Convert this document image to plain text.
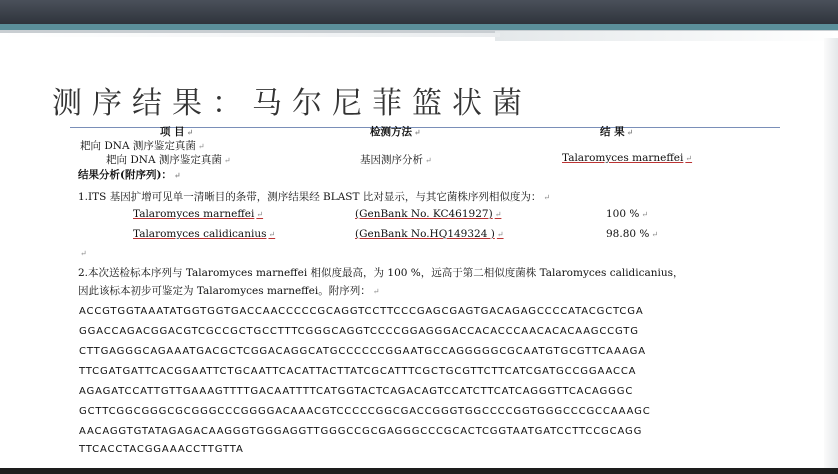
测序结果：马尔尼菲篮状菌
项 目 ↵	检测方法 ↵	结 果 ↵
耙向 DNA 测序鉴定真菌 ↵
耙向 DNA 测序鉴定真菌 ↵	基因测序分析 ↵	Talaromyces marneffei ↵
结果分析(附序列)： ↵
1.ITS 基因扩增可见单一清晰目的条带，测序结果经 BLAST 比对显示，与其它菌株序列相似度为： ↵
Talaromyces marneffei ↵	(GenBank No. KC461927) ↵	100 % ↵
Talaromyces calidicanius ↵	(GenBank No.HQ149324 ) ↵	98.80 % ↵
↵
2.本次送检标本序列与 Talaromyces marneffei 相似度最高，为 100 %，远高于第二相似度菌株 Talaromyces calidicanius，
因此该标本初步可鉴定为 Talaromyces marneffei。附序列： ↵
ACCGTGGTAAATATGGTGGTGACCAACCCCCGCAGGTCCTTCCCGAGCGAGTGACAGAGCCCCATACGCTCGA
GGACCAGACGGACGTCGCCGCTGCCTTTCGGGCAGGTCCCCGGAGGGACCACACCCAACACACAAGCCGTG
CTTGAGGGCAGAAATGACGCTCGGACAGGCATGCCCCCCGGAATGCCAGGGGGCGCAATGTGCGTTCAAAGA
TTCGATGATTCACGGAATTCTGCAATTCACATTACTTATCGCATTTCGCTGCGTTCTTCATCGATGCCGGAACCA
AGAGATCCATTGTTGAAAGTTTTGACAATTTTCATGGTACTCAGACAGTCCATCTTCATCAGGGTTCACAGGGC
GCTTCGGCGGGCGCGGGCCCGGGGACAAACGTCCCCCGGCGACCGGGTGGCCCCGGTGGGCCCGCCAAAGC
AACAGGTGTATAGAGACAAGGGTGGGAGGTTGGGCCGCGAGGGCCCGCACTCGGTAATGATCCTTCCGCAGG
TTCACCTACGGAAACCTTGTTA
